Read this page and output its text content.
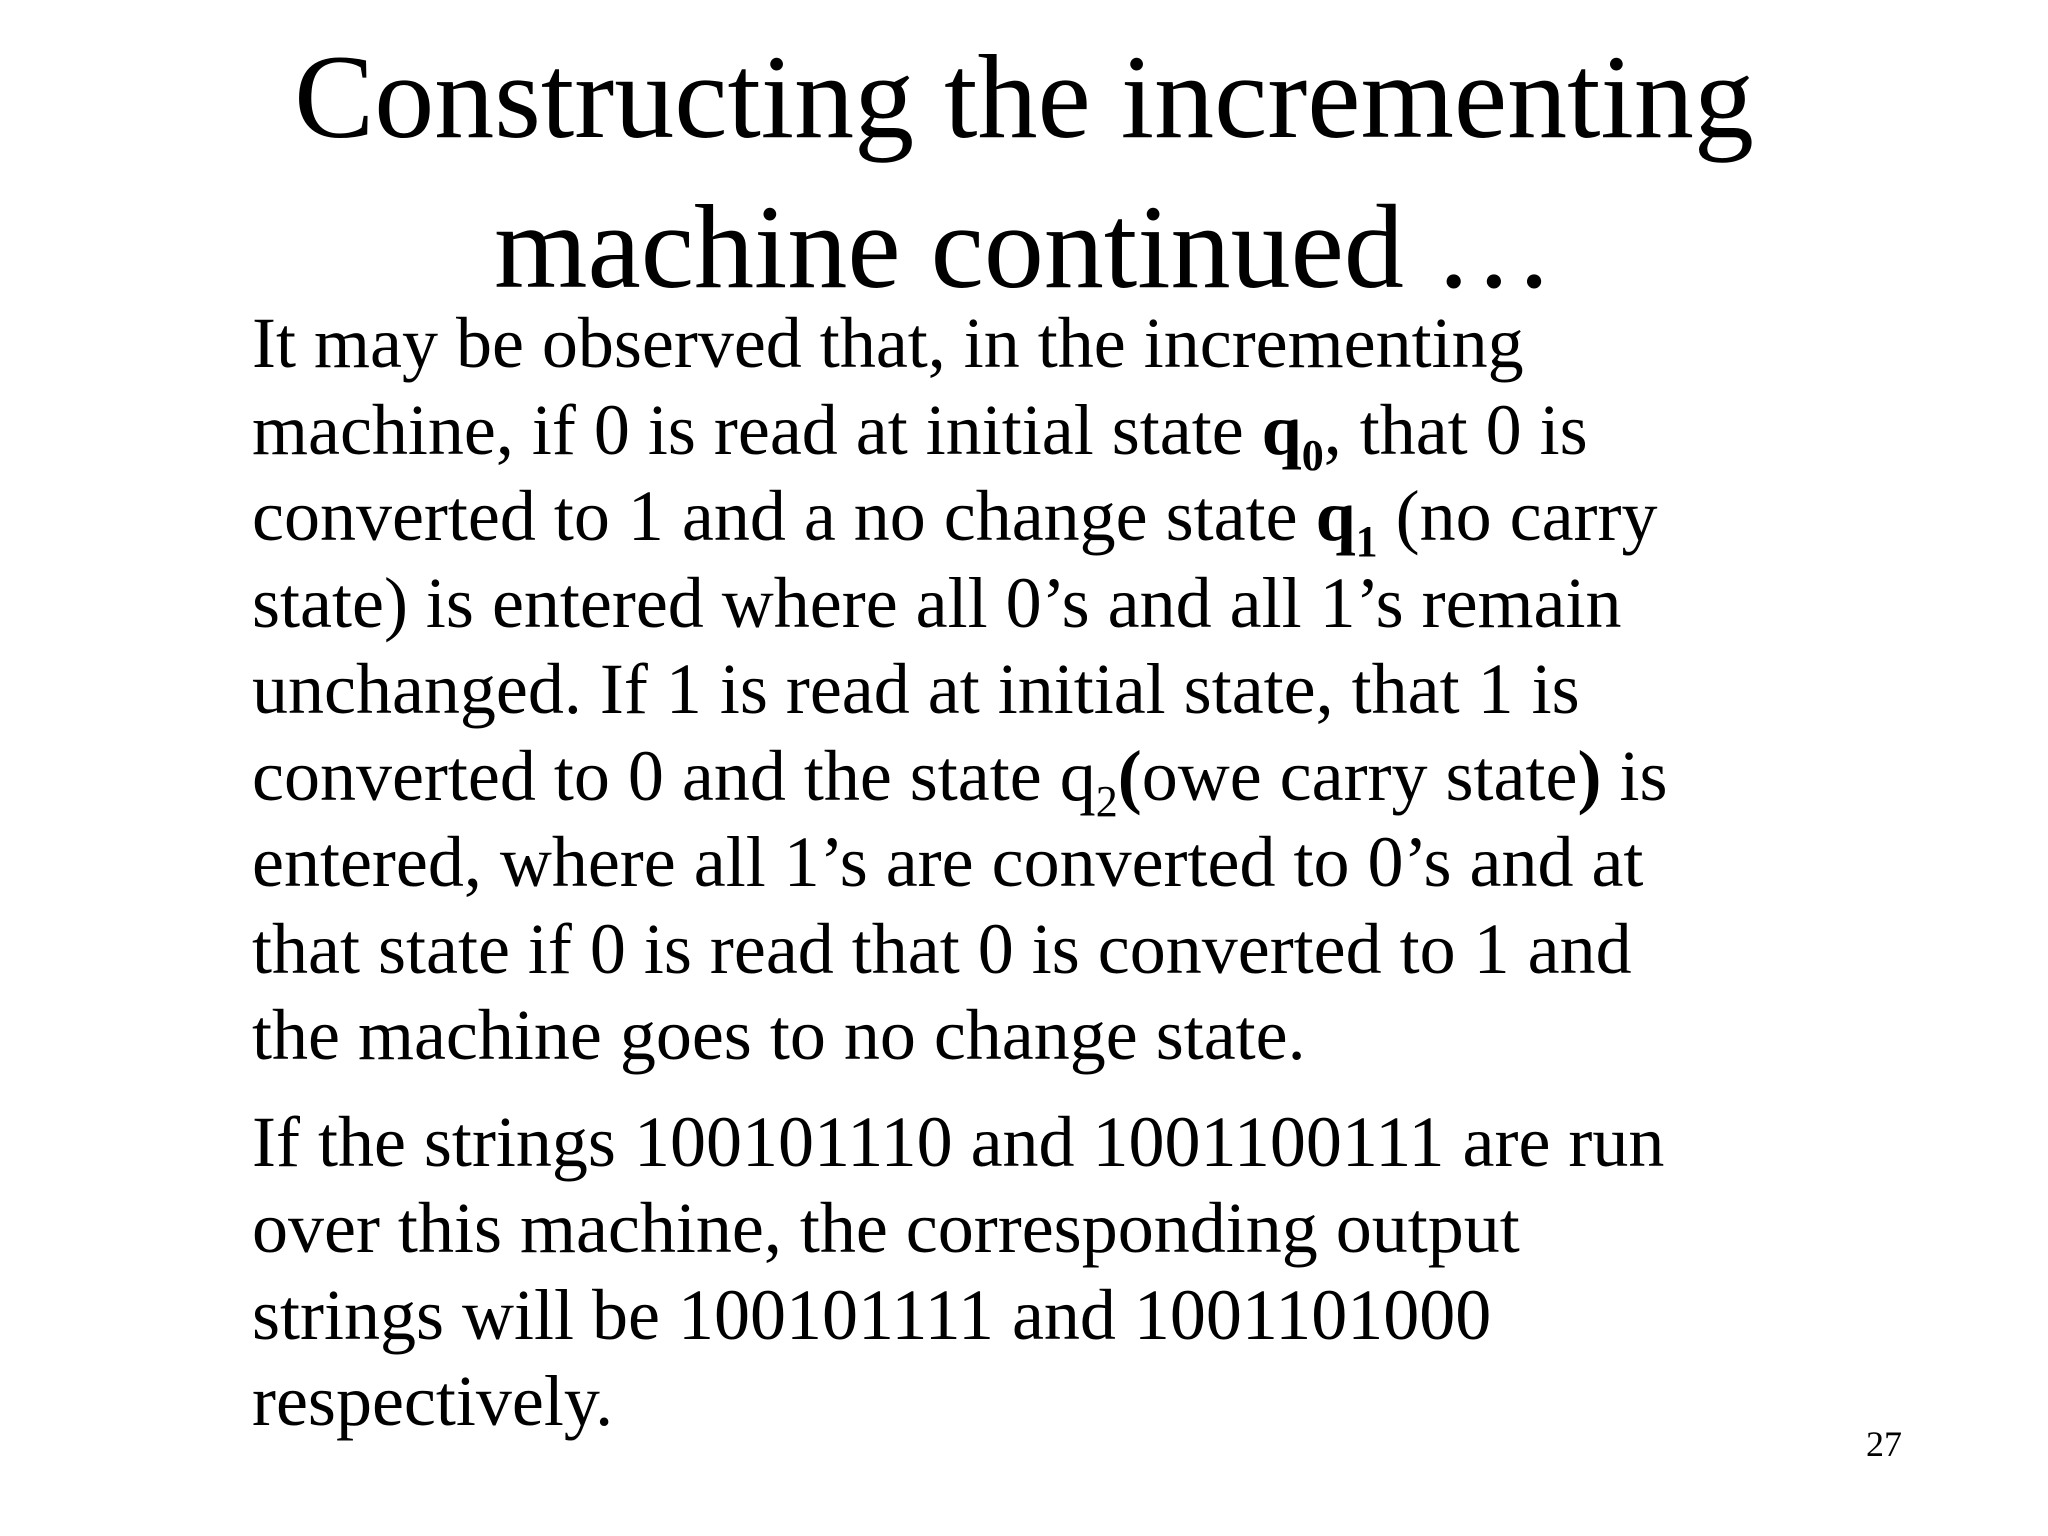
Constructing the incrementing
machine continued …

It may be observed that, in the incrementing
machine, if 0 is read at initial state $q_0$, that 0 is
converted to 1 and a no change state $q_1$ (no carry
state) is entered where all 0’s and all 1’s remain
unchanged. If 1 is read at initial state, that 1 is
converted to 0 and the state $q_2(owe$ carry state) is
entered, where all 1’s are converted to 0’s and at
that state if 0 is read that 0 is converted to 1 and
the machine goes to no change state.

If the strings 100101110 and 1001100111 are run
over this machine, the corresponding output
strings will be 100101111 and 1001101000
respectively.

27
